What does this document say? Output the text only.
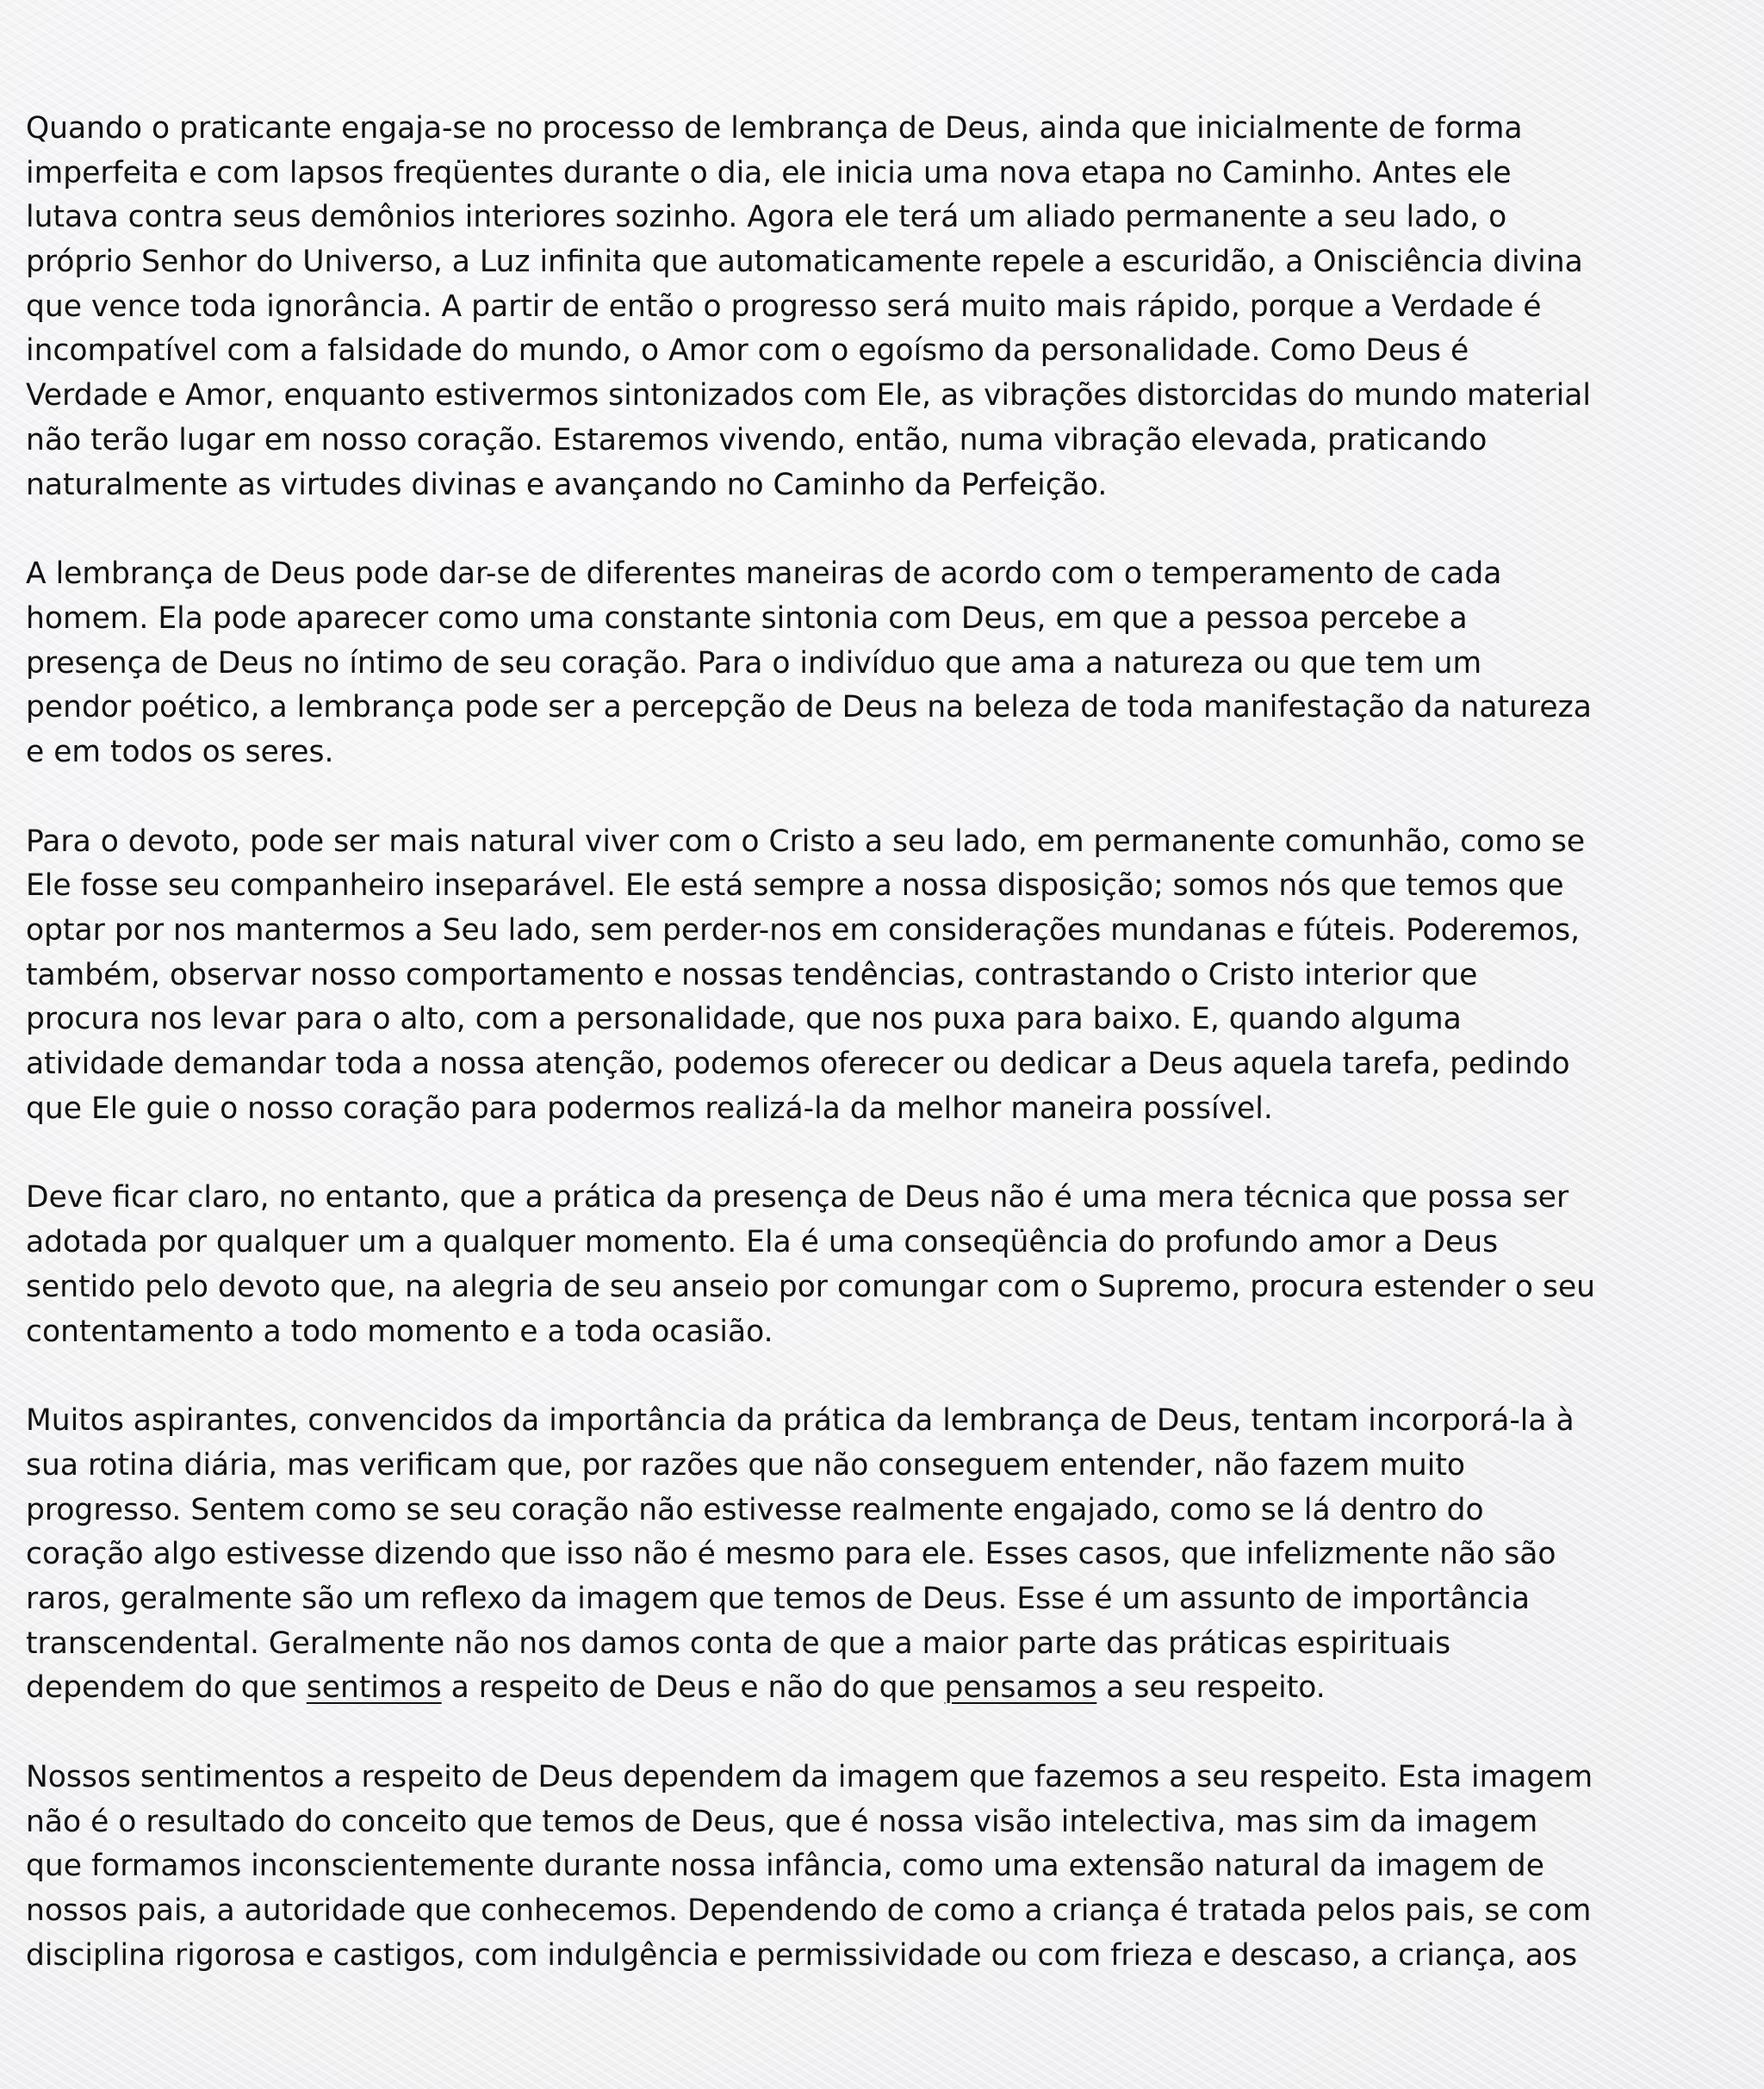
Quando o praticante engaja-se no processo de lembrança de Deus, ainda que inicialmente de forma
imperfeita e com lapsos freqüentes durante o dia, ele inicia uma nova etapa no Caminho. Antes ele
lutava contra seus demônios interiores sozinho. Agora ele terá um aliado permanente a seu lado, o
próprio Senhor do Universo, a Luz infinita que automaticamente repele a escuridão, a Onisciência divina
que vence toda ignorância. A partir de então o progresso será muito mais rápido, porque a Verdade é
incompatível com a falsidade do mundo, o Amor com o egoísmo da personalidade. Como Deus é
Verdade e Amor, enquanto estivermos sintonizados com Ele, as vibrações distorcidas do mundo material
não terão lugar em nosso coração. Estaremos vivendo, então, numa vibração elevada, praticando
naturalmente as virtudes divinas e avançando no Caminho da Perfeição.

A lembrança de Deus pode dar-se de diferentes maneiras de acordo com o temperamento de cada
homem. Ela pode aparecer como uma constante sintonia com Deus, em que a pessoa percebe a
presença de Deus no íntimo de seu coração. Para o indivíduo que ama a natureza ou que tem um
pendor poético, a lembrança pode ser a percepção de Deus na beleza de toda manifestação da natureza
e em todos os seres.

Para o devoto, pode ser mais natural viver com o Cristo a seu lado, em permanente comunhão, como se
Ele fosse seu companheiro inseparável. Ele está sempre a nossa disposição; somos nós que temos que
optar por nos mantermos a Seu lado, sem perder-nos em considerações mundanas e fúteis. Poderemos,
também, observar nosso comportamento e nossas tendências, contrastando o Cristo interior que
procura nos levar para o alto, com a personalidade, que nos puxa para baixo. E, quando alguma
atividade demandar toda a nossa atenção, podemos oferecer ou dedicar a Deus aquela tarefa, pedindo
que Ele guie o nosso coração para podermos realizá-la da melhor maneira possível.

Deve ficar claro, no entanto, que a prática da presença de Deus não é uma mera técnica que possa ser
adotada por qualquer um a qualquer momento. Ela é uma conseqüência do profundo amor a Deus
sentido pelo devoto que, na alegria de seu anseio por comungar com o Supremo, procura estender o seu
contentamento a todo momento e a toda ocasião.

Muitos aspirantes, convencidos da importância da prática da lembrança de Deus, tentam incorporá-la à
sua rotina diária, mas verificam que, por razões que não conseguem entender, não fazem muito
progresso. Sentem como se seu coração não estivesse realmente engajado, como se lá dentro do
coração algo estivesse dizendo que isso não é mesmo para ele. Esses casos, que infelizmente não são
raros, geralmente são um reflexo da imagem que temos de Deus. Esse é um assunto de importância
transcendental. Geralmente não nos damos conta de que a maior parte das práticas espirituais
dependem do que sentimos a respeito de Deus e não do que pensamos a seu respeito.

Nossos sentimentos a respeito de Deus dependem da imagem que fazemos a seu respeito. Esta imagem
não é o resultado do conceito que temos de Deus, que é nossa visão intelectiva, mas sim da imagem
que formamos inconscientemente durante nossa infância, como uma extensão natural da imagem de
nossos pais, a autoridade que conhecemos. Dependendo de como a criança é tratada pelos pais, se com
disciplina rigorosa e castigos, com indulgência e permissividade ou com frieza e descaso, a criança, aos
